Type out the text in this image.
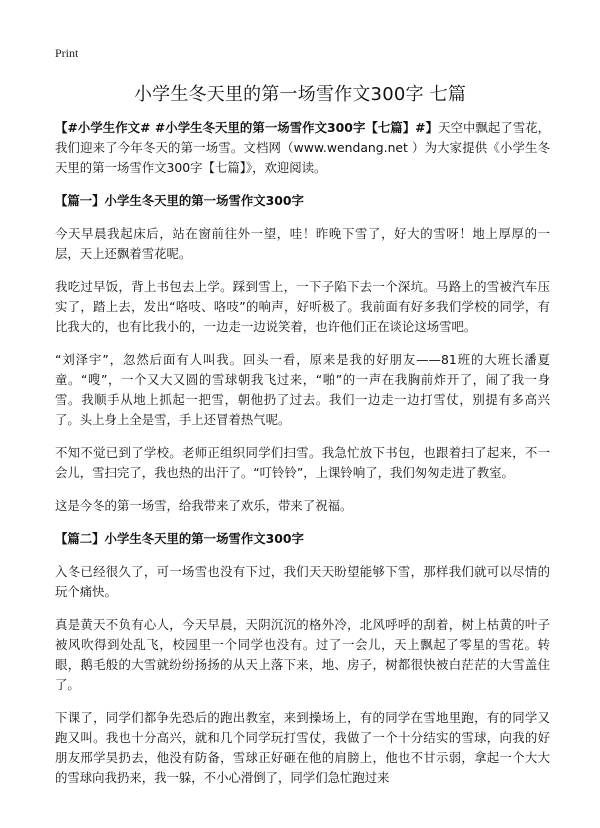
Print
小学生冬天里的第一场雪作文300字 七篇

【#小学生作文# #小学生冬天里的第一场雪作文300字【七篇】#】天空中飘起了雪花，我们迎来了今年冬天的第一场雪。文档网（www.wendang.net ）为大家提供《小学生冬天里的第一场雪作文300字【七篇】》，欢迎阅读。

【篇一】小学生冬天里的第一场雪作文300字

今天早晨我起床后，站在窗前往外一望，哇！昨晚下雪了，好大的雪呀！地上厚厚的一层，天上还飘着雪花呢。

我吃过早饭，背上书包去上学。踩到雪上，一下子陷下去一个深坑。马路上的雪被汽车压实了，踏上去，发出“咯吱、咯吱”的响声，好听极了。我前面有好多我们学校的同学，有比我大的，也有比我小的，一边走一边说笑着，也许他们正在谈论这场雪吧。

“刘泽宇”，忽然后面有人叫我。回头一看，原来是我的好朋友——81班的大班长潘夏童。“嗖”，一个又大又圆的雪球朝我飞过来，“啪”的一声在我胸前炸开了，闹了我一身雪。我顺手从地上抓起一把雪，朝他扔了过去。我们一边走一边打雪仗，别提有多高兴了。头上身上全是雪，手上还冒着热气呢。

不知不觉已到了学校。老师正组织同学们扫雪。我急忙放下书包，也跟着扫了起来，不一会儿，雪扫完了，我也热的出汗了。“叮铃铃”，上课铃响了，我们匆匆走进了教室。

这是今冬的第一场雪，给我带来了欢乐，带来了祝福。

【篇二】小学生冬天里的第一场雪作文300字

入冬已经很久了，可一场雪也没有下过，我们天天盼望能够下雪，那样我们就可以尽情的玩个痛快。

真是黄天不负有心人，今天早晨，天阴沉沉的格外冷，北风呼呼的刮着，树上枯黄的叶子被风吹得到处乱飞，校园里一个同学也没有。过了一会儿，天上飘起了零星的雪花。转眼，鹅毛般的大雪就纷纷扬扬的从天上落下来，地、房子，树都很快被白茫茫的大雪盖住了。

下课了，同学们都争先恐后的跑出教室，来到操场上，有的同学在雪地里跑，有的同学又跑又叫。我也十分高兴，就和几个同学玩打雪仗，我做了一个十分结实的雪球，向我的好朋友邢学昊扔去，他没有防备，雪球正好砸在他的肩膀上，他也不甘示弱，拿起一个大大的雪球向我扔来，我一躲，不小心滑倒了，同学们急忙跑过来
